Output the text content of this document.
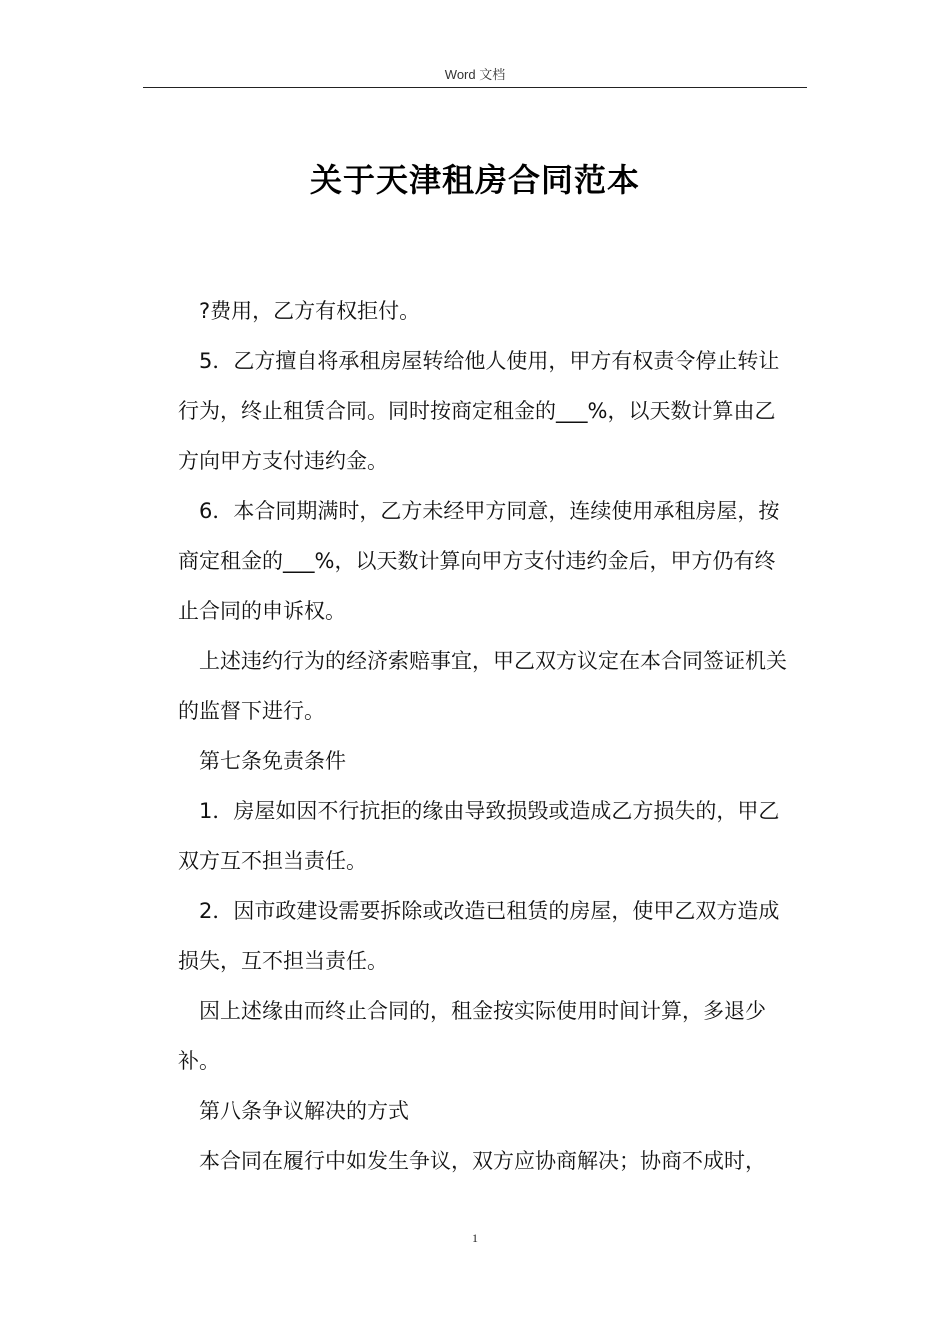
Word 文档
关于天津租房合同范本

?费用，乙方有权拒付。

5．乙方擅自将承租房屋转给他人使用，甲方有权责令停止转让行为，终止租赁合同。同时按商定租金的___%，以天数计算由乙方向甲方支付违约金。

6．本合同期满时，乙方未经甲方同意，连续使用承租房屋，按商定租金的___%，以天数计算向甲方支付违约金后，甲方仍有终止合同的申诉权。

上述违约行为的经济索赔事宜，甲乙双方议定在本合同签证机关的监督下进行。

第七条免责条件

1．房屋如因不行抗拒的缘由导致损毁或造成乙方损失的，甲乙双方互不担当责任。

2．因市政建设需要拆除或改造已租赁的房屋，使甲乙双方造成损失，互不担当责任。

因上述缘由而终止合同的，租金按实际使用时间计算，多退少补。

第八条争议解决的方式

本合同在履行中如发生争议，双方应协商解决；协商不成时，

1
